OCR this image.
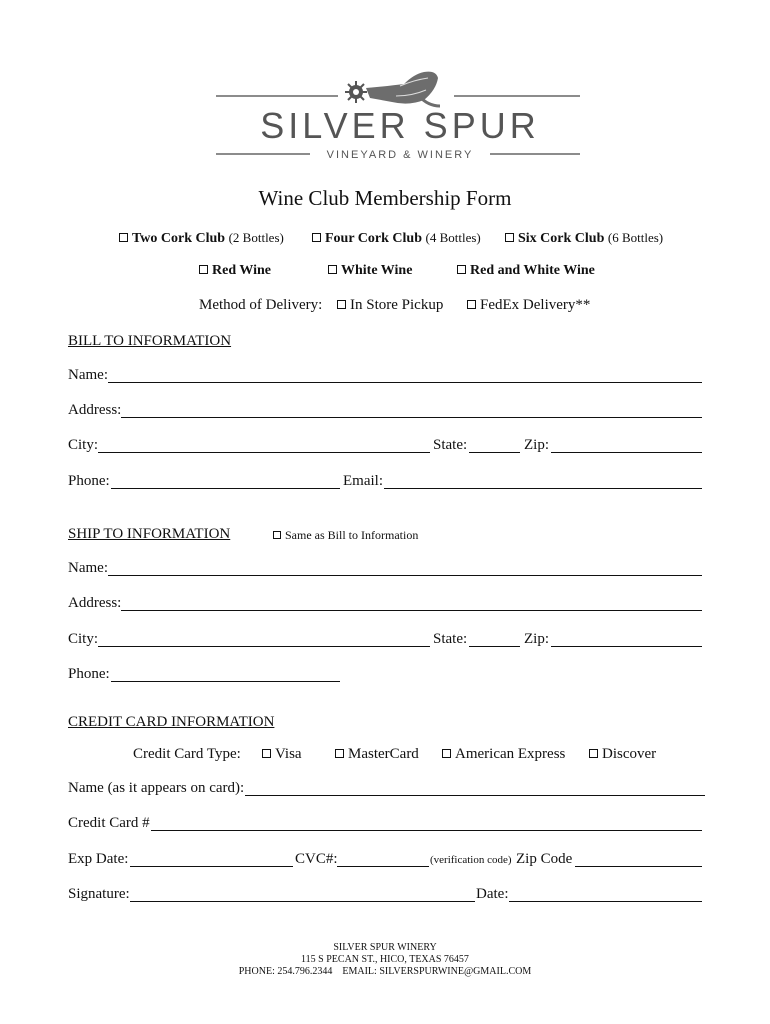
SILVER SPUR
VINEYARD & WINERY
Wine Club Membership Form
Two Cork Club (2 Bottles)	Four Cork Club (4 Bottles)	Six Cork Club (6 Bottles)
Red Wine	White Wine	Red and White Wine
Method of Delivery:	In Store Pickup	FedEx Delivery**
BILL TO INFORMATION
Name:
Address:
City:	State:	Zip:
Phone:	Email:
SHIP TO INFORMATION	Same as Bill to Information
Name:
Address:
City:	State:	Zip:
Phone:
CREDIT CARD INFORMATION
Credit Card Type:	Visa	MasterCard	American Express	Discover
Name (as it appears on card):
Credit Card #
Exp Date:	CVC#:	(verification code) Zip Code
Signature:	Date:
SILVER SPUR WINERY
115 S PECAN ST., HICO, TEXAS 76457
PHONE: 254.796.2344 EMAIL: SILVERSPURWINE@GMAIL.COM
